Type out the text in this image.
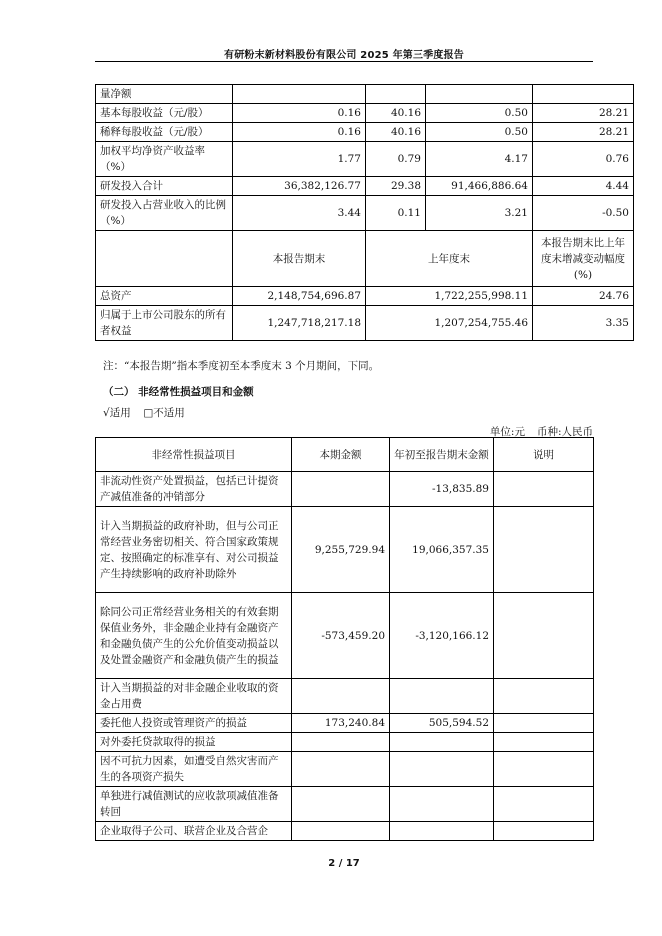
有研粉末新材料股份有限公司 2025 年第三季度报告
量净额				
基本每股收益（元/股）	0.16	40.16	0.50	28.21
稀释每股收益（元/股）	0.16	40.16	0.50	28.21
加权平均净资产收益率（%）	1.77	0.79	4.17	0.76
研发投入合计	36,382,126.77	29.38	91,466,886.64	4.44
研发投入占营业收入的比例（%）	3.44	0.11	3.21	-0.50
	本报告期末	上年度末		本报告期末比上年度末增减变动幅度(%)
总资产	2,148,754,696.87	1,722,255,998.11		24.76
归属于上市公司股东的所有者权益	1,247,718,217.18	1,207,254,755.46		3.35
注：“本报告期”指本季度初至本季度末 3 个月期间，下同。
（二） 非经常性损益项目和金额
√适用 □不适用
单位:元 币种:人民币
非经常性损益项目	本期金额	年初至报告期末金额	说明
非流动性资产处置损益，包括已计提资产减值准备的冲销部分		-13,835.89	
计入当期损益的政府补助，但与公司正常经营业务密切相关、符合国家政策规定、按照确定的标准享有、对公司损益产生持续影响的政府补助除外	9,255,729.94	19,066,357.35	
除同公司正常经营业务相关的有效套期保值业务外，非金融企业持有金融资产和金融负债产生的公允价值变动损益以及处置金融资产和金融负债产生的损益	-573,459.20	-3,120,166.12	
计入当期损益的对非金融企业收取的资金占用费			
委托他人投资或管理资产的损益	173,240.84	505,594.52	
对外委托贷款取得的损益			
因不可抗力因素，如遭受自然灾害而产生的各项资产损失			
单独进行减值测试的应收款项减值准备转回			
企业取得子公司、联营企业及合营企			
2 / 17
